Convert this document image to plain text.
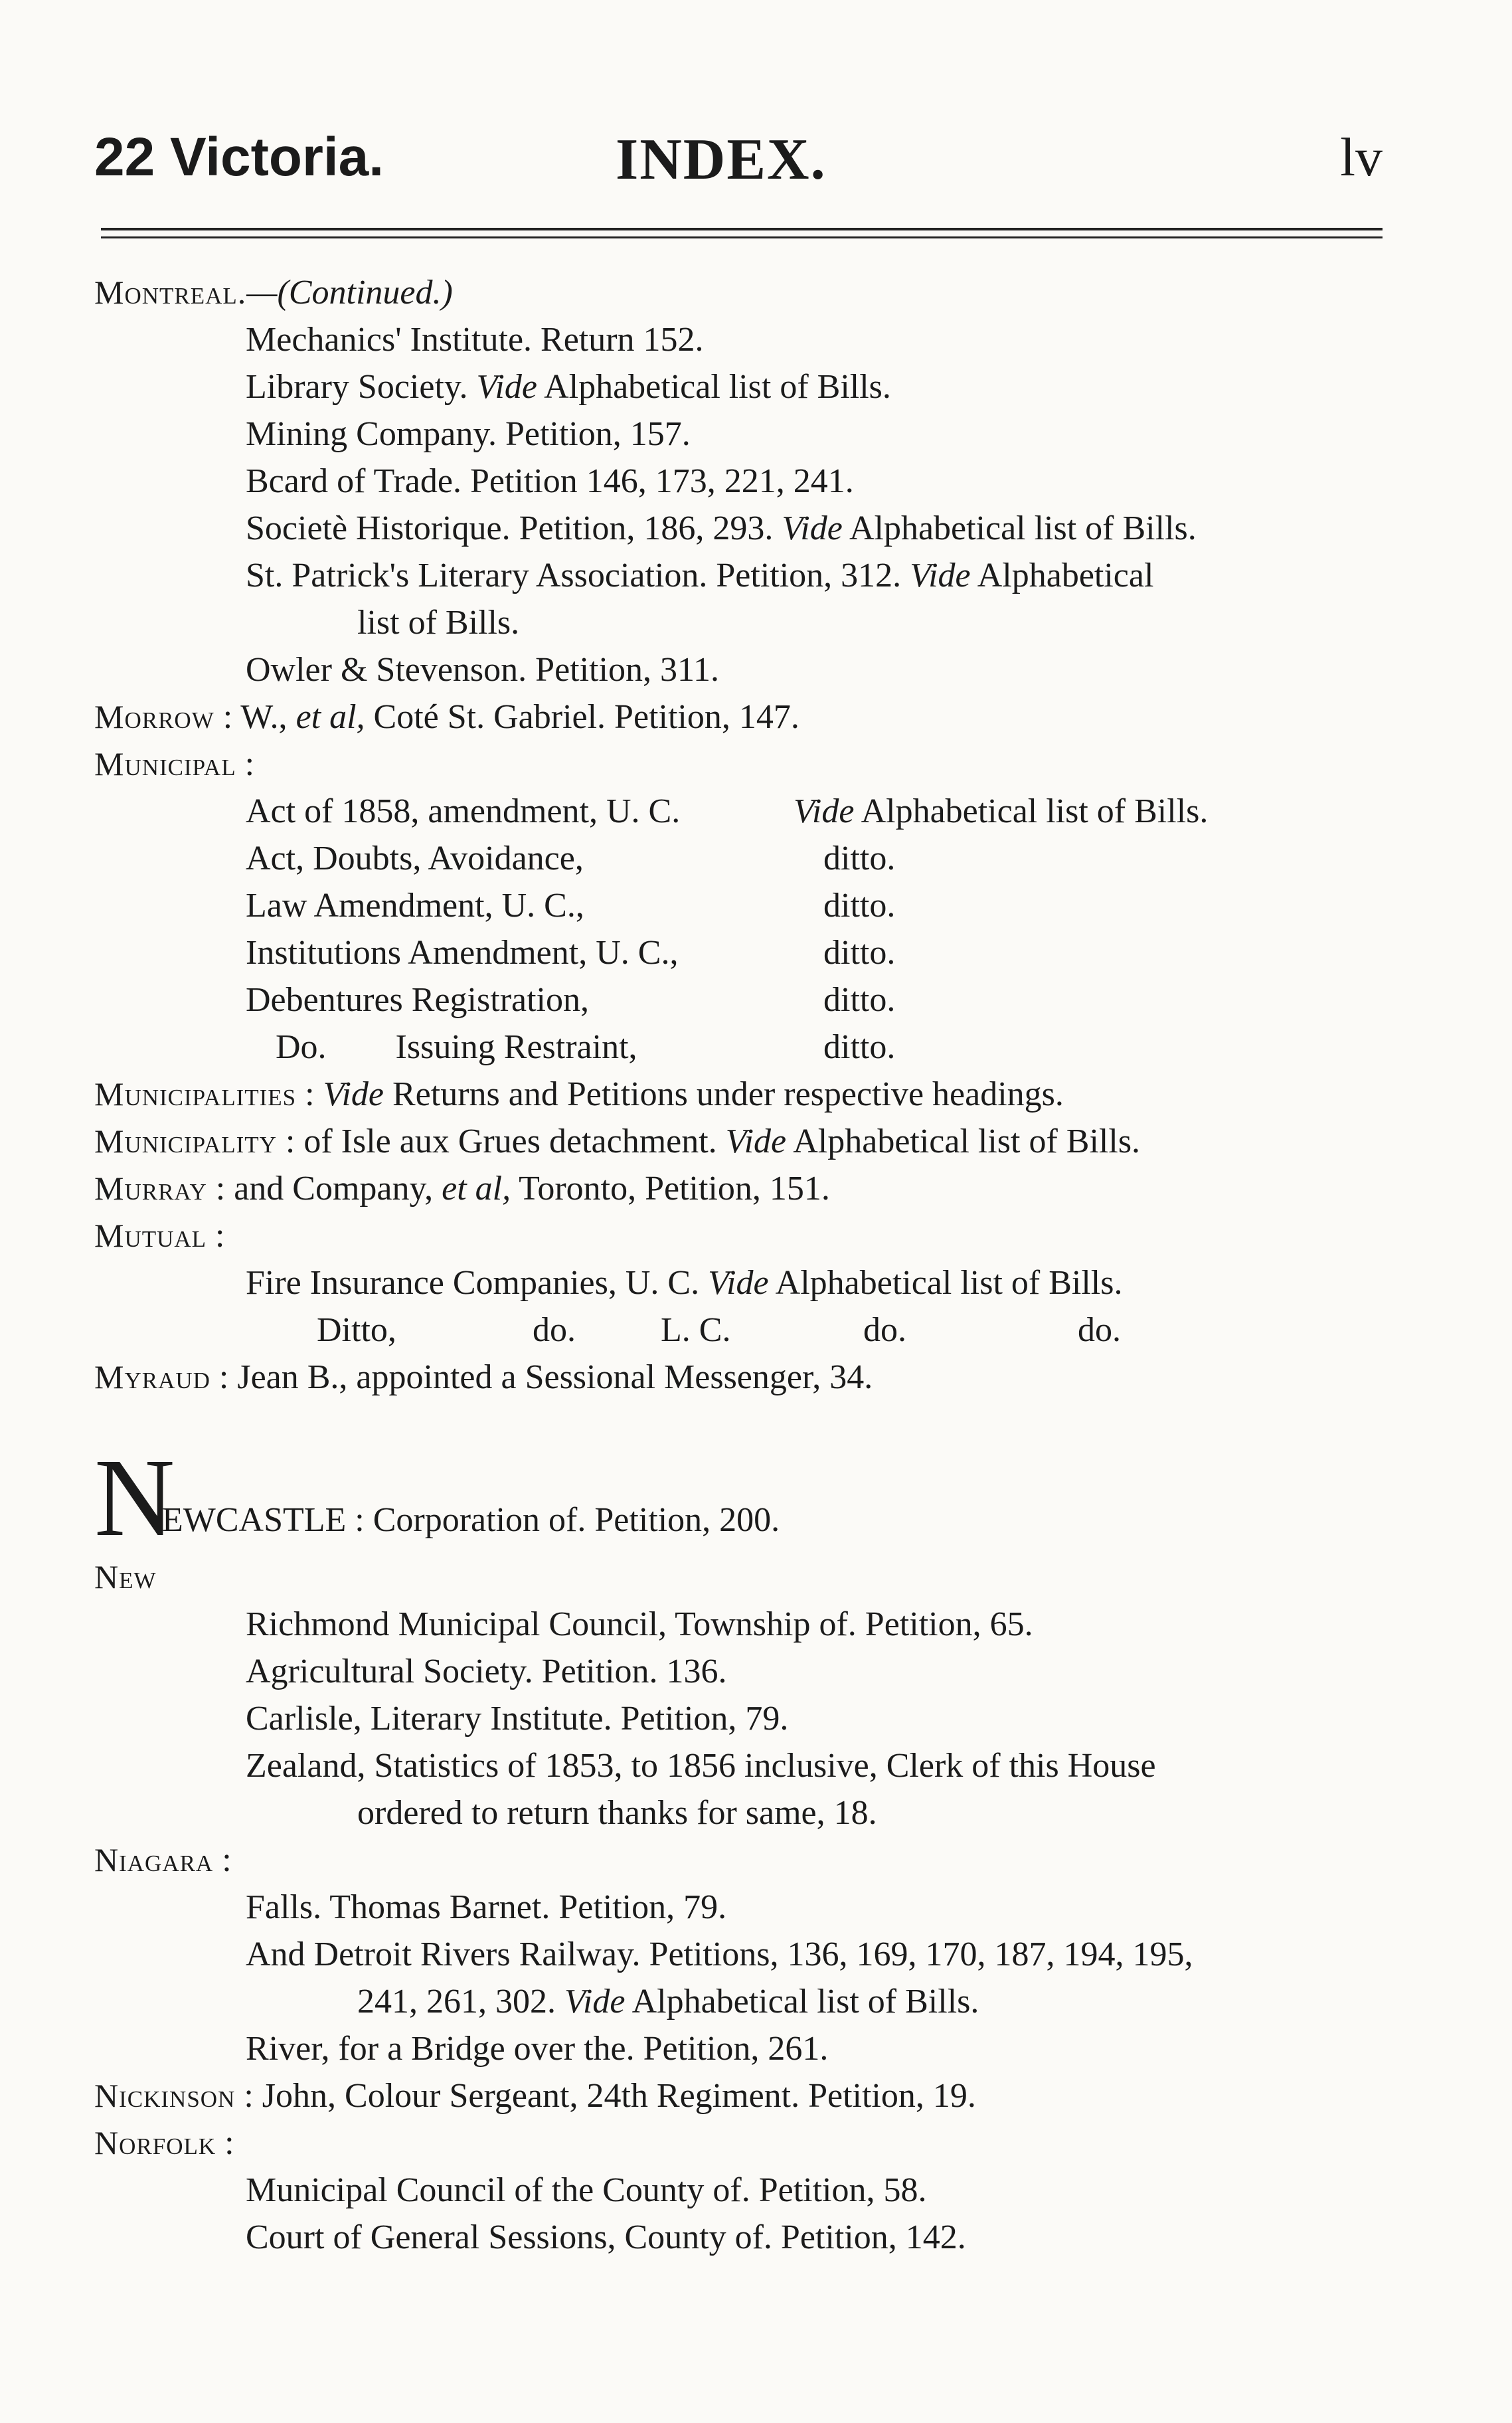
22 Victoria.	INDEX.	lv
Montreal.—(Continued.)
Mechanics' Institute. Return 152.
Library Society. Vide Alphabetical list of Bills.
Mining Company. Petition, 157.
Bcard of Trade. Petition 146, 173, 221, 241.
Societè Historique. Petition, 186, 293. Vide Alphabetical list of Bills.
St. Patrick's Literary Association. Petition, 312. Vide Alphabetical
list of Bills.
Owler & Stevenson. Petition, 311.
Morrow : W., et al, Coté St. Gabriel. Petition, 147.
Municipal :
Act of 1858, amendment, U. C.	Vide Alphabetical list of Bills.
Act, Doubts, Avoidance,	ditto.
Law Amendment, U. C.,	ditto.
Institutions Amendment, U. C.,	ditto.
Debentures Registration,	ditto.
Do.        Issuing Restraint,	ditto.
Municipalities : Vide Returns and Petitions under respective headings.
Municipality : of Isle aux Grues detachment. Vide Alphabetical list of Bills.
Murray : and Company, et al, Toronto, Petition, 151.
Mutual :
Fire Insurance Companies, U. C. Vide Alphabetical list of Bills.
Ditto,	do.	L. C.	do.	do.
Myraud : Jean B., appointed a Sessional Messenger, 34.
N
EWCASTLE : Corporation of. Petition, 200.
New
Richmond Municipal Council, Township of. Petition, 65.
Agricultural Society. Petition. 136.
Carlisle, Literary Institute. Petition, 79.
Zealand, Statistics of 1853, to 1856 inclusive, Clerk of this House
ordered to return thanks for same, 18.
Niagara :
Falls. Thomas Barnet. Petition, 79.
And Detroit Rivers Railway. Petitions, 136, 169, 170, 187, 194, 195,
241, 261, 302. Vide Alphabetical list of Bills.
River, for a Bridge over the. Petition, 261.
Nickinson : John, Colour Sergeant, 24th Regiment. Petition, 19.
Norfolk :
Municipal Council of the County of. Petition, 58.
Court of General Sessions, County of. Petition, 142.
